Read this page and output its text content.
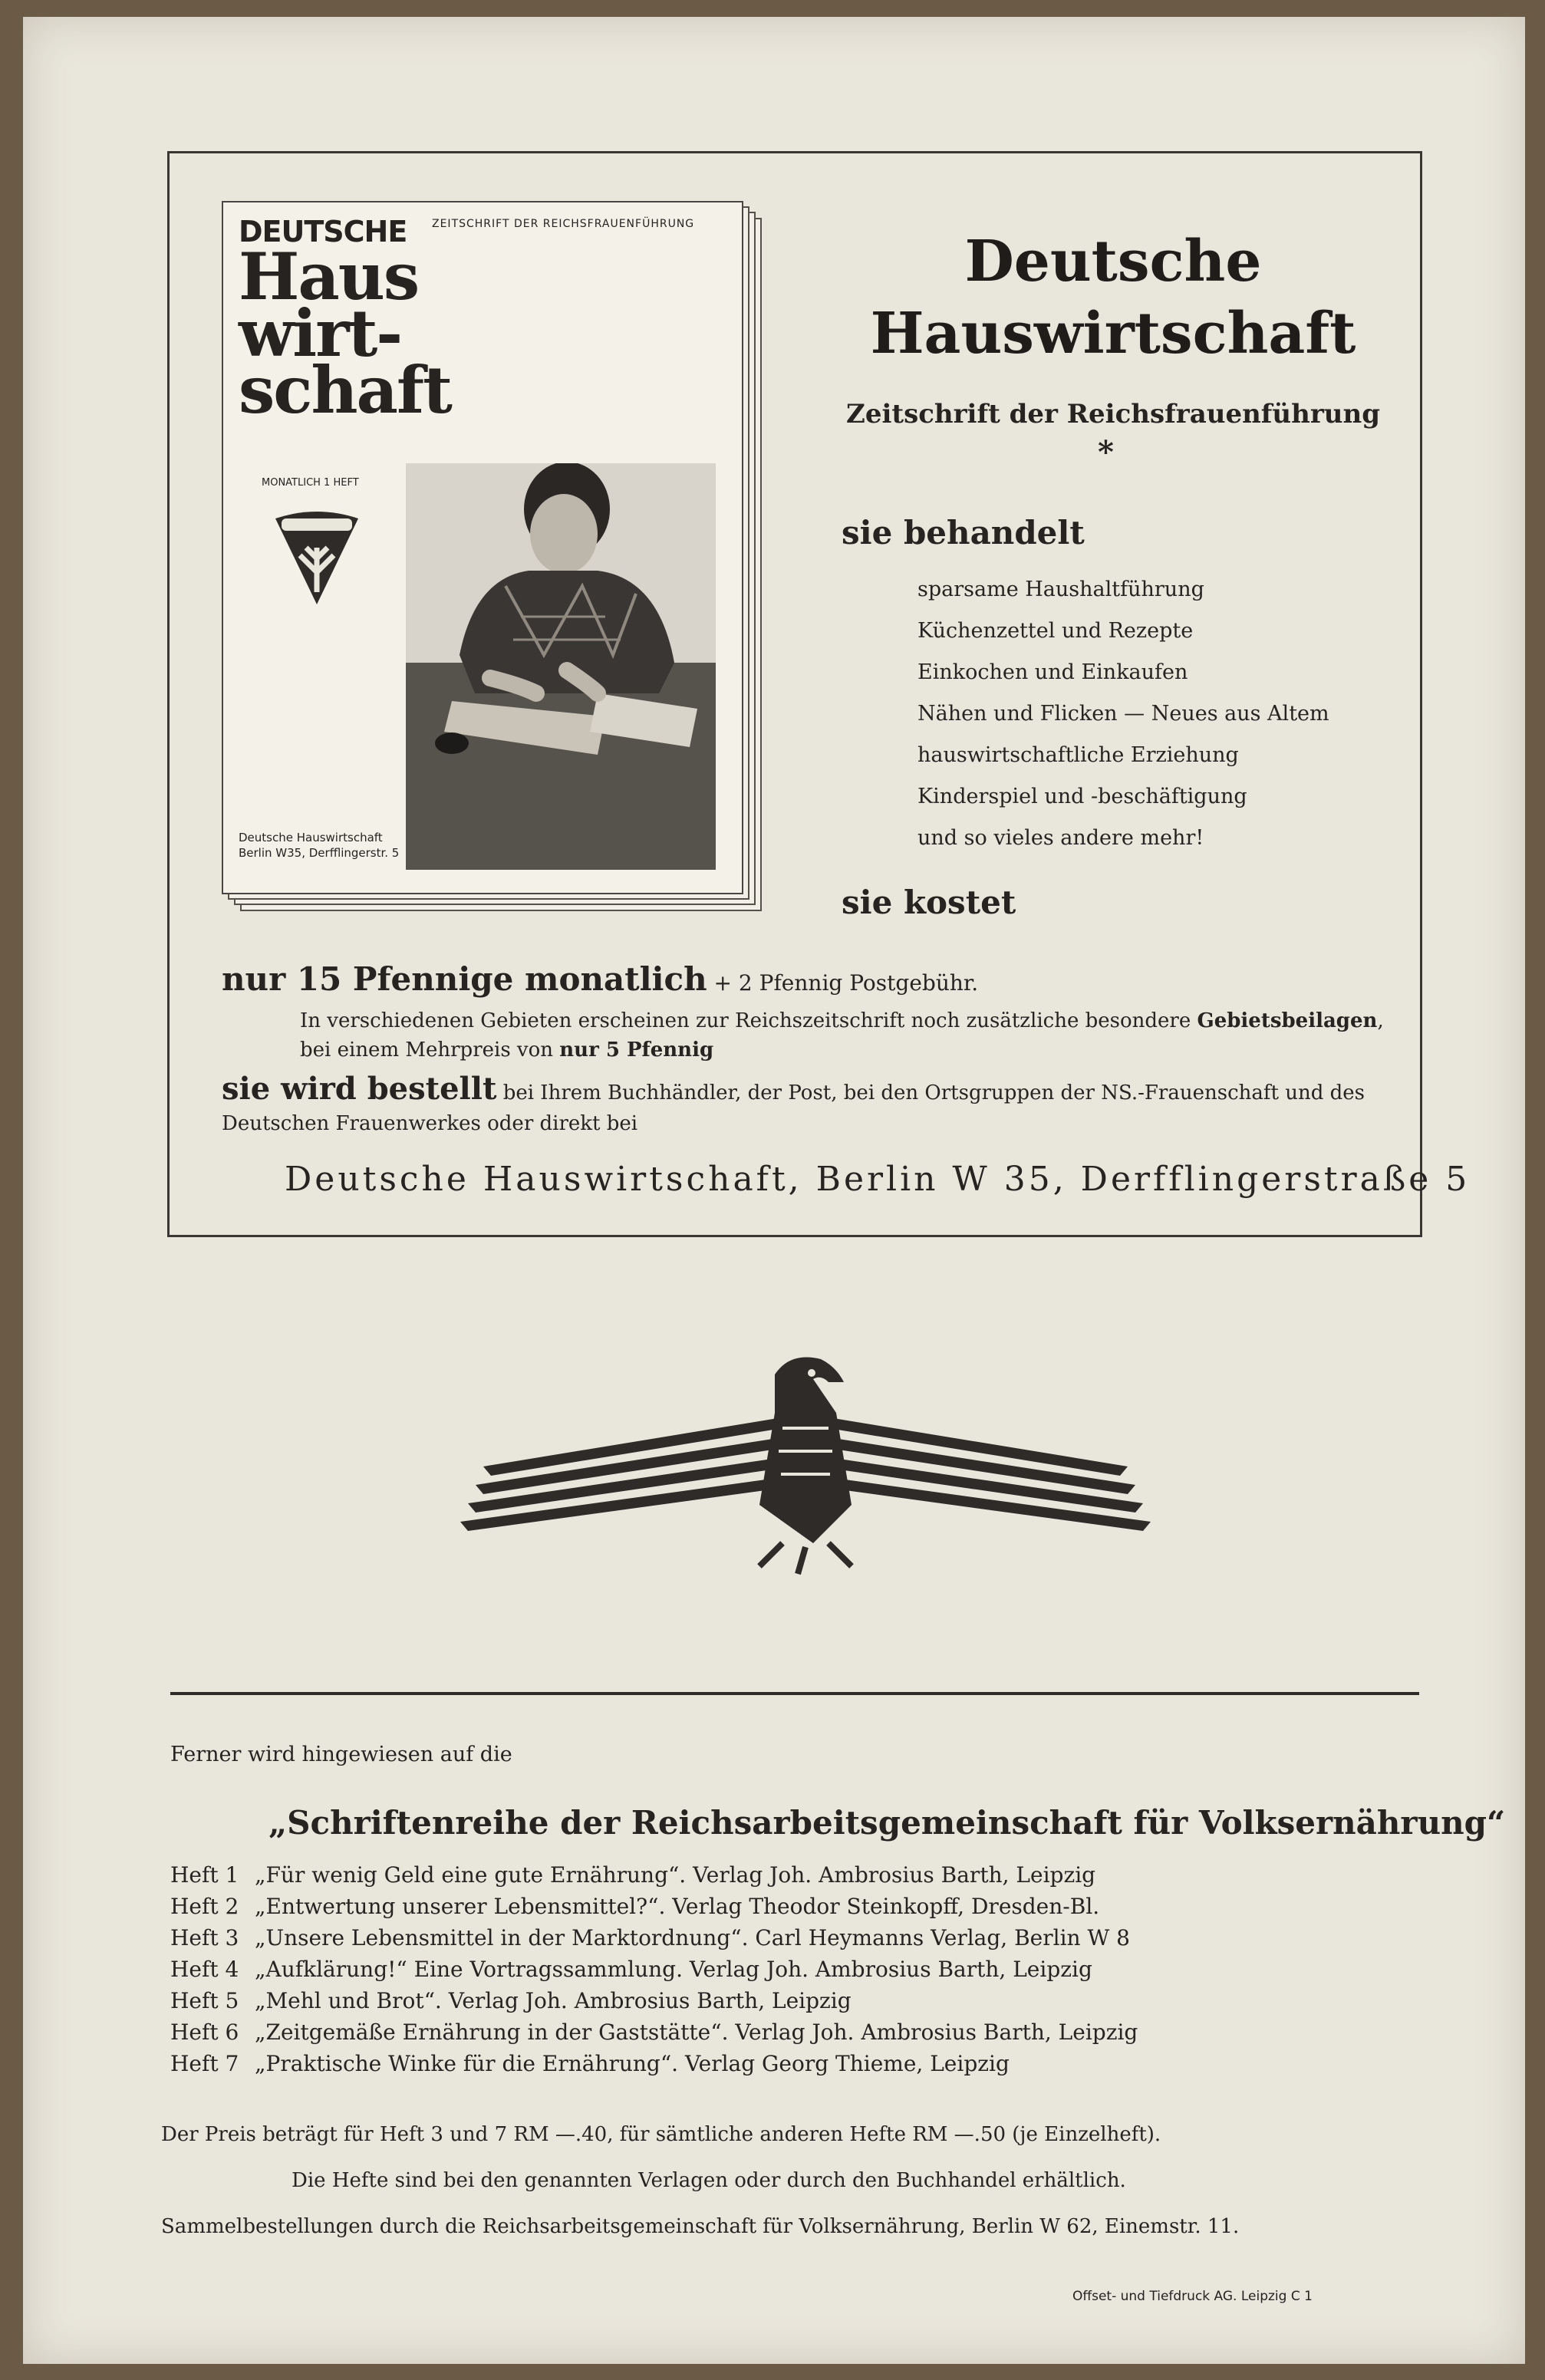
DEUTSCHE ZEITSCHRIFT DER REICHSFRAUENFÜHRUNG
Haus wirt- schaft
MONATLICH 1 HEFT
Deutsche Hauswirtschaft
Berlin W35, Derfflingerstr. 5
Deutsche Hauswirtschaft
Zeitschrift der Reichsfrauenführung
*
sie behandelt
sparsame Haushaltführung
Küchenzettel und Rezepte
Einkochen und Einkaufen
Nähen und Flicken — Neues aus Altem
hauswirtschaftliche Erziehung
Kinderspiel und -beschäftigung
und so vieles andere mehr!
sie kostet
nur 15 Pfennige monatlich + 2 Pfennig Postgebühr.
In verschiedenen Gebieten erscheinen zur Reichszeitschrift noch zusätzliche besondere Gebietsbeilagen, bei einem Mehrpreis von nur 5 Pfennig
sie wird bestellt bei Ihrem Buchhändler, der Post, bei den Ortsgruppen der NS.-Frauenschaft und des Deutschen Frauenwerkes oder direkt bei
Deutsche Hauswirtschaft, Berlin W 35, Derfflingerstraße 5
Ferner wird hingewiesen auf die
„Schriftenreihe der Reichsarbeitsgemeinschaft für Volksernährung“
Heft 1 „Für wenig Geld eine gute Ernährung“. Verlag Joh. Ambrosius Barth, Leipzig
Heft 2 „Entwertung unserer Lebensmittel?“. Verlag Theodor Steinkopff, Dresden-Bl.
Heft 3 „Unsere Lebensmittel in der Marktordnung“. Carl Heymanns Verlag, Berlin W 8
Heft 4 „Aufklärung!“ Eine Vortragssammlung. Verlag Joh. Ambrosius Barth, Leipzig
Heft 5 „Mehl und Brot“. Verlag Joh. Ambrosius Barth, Leipzig
Heft 6 „Zeitgemäße Ernährung in der Gaststätte“. Verlag Joh. Ambrosius Barth, Leipzig
Heft 7 „Praktische Winke für die Ernährung“. Verlag Georg Thieme, Leipzig
Der Preis beträgt für Heft 3 und 7 RM —.40, für sämtliche anderen Hefte RM —.50 (je Einzelheft).
Die Hefte sind bei den genannten Verlagen oder durch den Buchhandel erhältlich.
Sammelbestellungen durch die Reichsarbeitsgemeinschaft für Volksernährung, Berlin W 62, Einemstr. 11.
Offset- und Tiefdruck AG. Leipzig C 1
